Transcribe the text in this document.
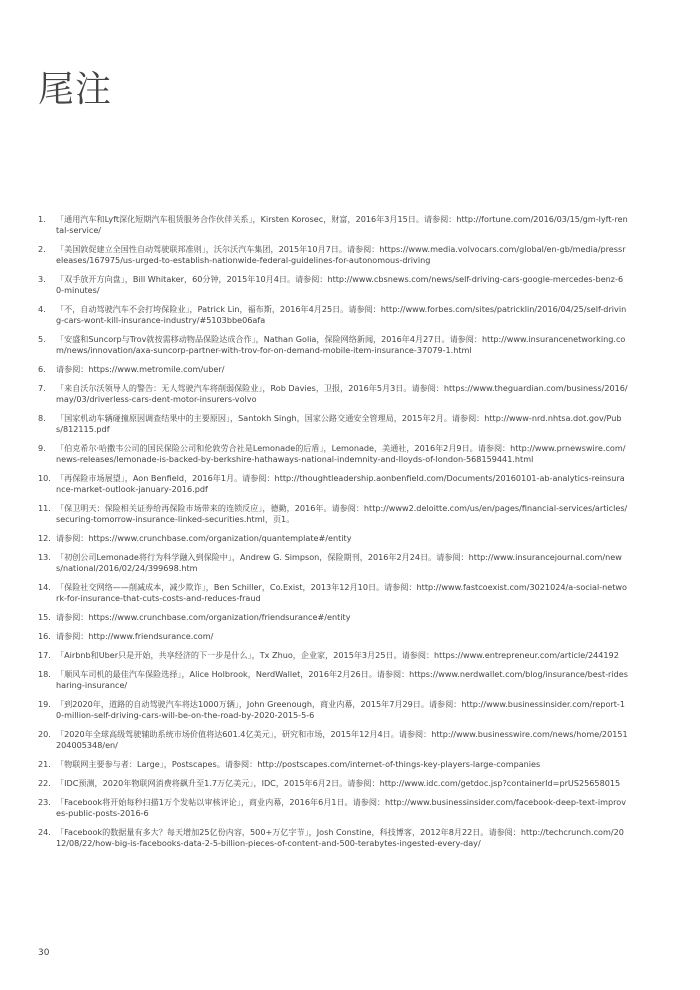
尾注
1.	「通用汽车和Lyft深化短期汽车租赁服务合作伙伴关系」，Kirsten Korosec，财富，2016年3月15日。请参阅：http://fortune.com/2016/03/15/gm-lyft-rental-service/
2.	「美国敦促建立全国性自动驾驶联邦准则」，沃尔沃汽车集团，2015年10月7日。请参阅：https://www.media.volvocars.com/global/en-gb/media/pressreleases/167975/us-urged-to-establish-nationwide-federal-guidelines-for-autonomous-driving
3.	「双手放开方向盘」，Bill Whitaker，60分钟，2015年10月4日。请参阅：http://www.cbsnews.com/news/self-driving-cars-google-mercedes-benz-60-minutes/
4.	「不，自动驾驶汽车不会打垮保险业」，Patrick Lin，福布斯，2016年4月25日。请参阅：http://www.forbes.com/sites/patricklin/2016/04/25/self-driving-cars-wont-kill-insurance-industry/#5103bbe06afa
5.	「安盛和Suncorp与Trov就按需移动物品保险达成合作」，Nathan Golia，保险网络新闻，2016年4月27日。请参阅：http://www.insurancenetworking.com/news/innovation/axa-suncorp-partner-with-trov-for-on-demand-mobile-item-insurance-37079-1.html
6.	请参阅：https://www.metromile.com/uber/
7.	「来自沃尔沃领导人的警告：无人驾驶汽车将削弱保险业」，Rob Davies，卫报，2016年5月3日。请参阅：https://www.theguardian.com/business/2016/may/03/driverless-cars-dent-motor-insurers-volvo
8.	「国家机动车辆碰撞原因调查结果中的主要原因」，Santokh Singh，国家公路交通安全管理局，2015年2月。请参阅：http://www-nrd.nhtsa.dot.gov/Pubs/812115.pdf
9.	「伯克希尔·哈撒韦公司的国民保险公司和伦敦劳合社是Lemonade的后盾」，Lemonade，美通社，2016年2月9日。请参阅：http://www.prnewswire.com/news-releases/lemonade-is-backed-by-berkshire-hathaways-national-indemnity-and-lloyds-of-london-568159441.html
10. 「再保险市场展望」，Aon Benfield，2016年1月。请参阅：http://thoughtleadership.aonbenfield.com/Documents/20160101-ab-analytics-reinsurance-market-outlook-january-2016.pdf
11. 「保卫明天：保险相关证券给再保险市场带来的连锁反应」，德勤，2016年。请参阅：http://www2.deloitte.com/us/en/pages/financial-services/articles/securing-tomorrow-insurance-linked-securities.html，页1。
12. 请参阅：https://www.crunchbase.com/organization/quantemplate#/entity
13. 「初创公司Lemonade将行为科学融入到保险中」，Andrew G. Simpson，保险期刊，2016年2月24日。请参阅：http://www.insurancejournal.com/news/national/2016/02/24/399698.htm
14. 「保险社交网络——削减成本，减少欺诈」，Ben Schiller，Co.Exist，2013年12月10日。请参阅：http://www.fastcoexist.com/3021024/a-social-network-for-insurance-that-cuts-costs-and-reduces-fraud
15. 请参阅：https://www.crunchbase.com/organization/friendsurance#/entity
16. 请参阅：http://www.friendsurance.com/
17. 「Airbnb和Uber只是开始，共享经济的下一步是什么」，Tx Zhuo，企业家，2015年3月25日。请参阅：https://www.entrepreneur.com/article/244192
18. 「顺风车司机的最佳汽车保险选择」，Alice Holbrook，NerdWallet，2016年2月26日。请参阅：https://www.nerdwallet.com/blog/insurance/best-ridesharing-insurance/
19. 「到2020年，道路的自动驾驶汽车将达1000万辆」，John Greenough，商业内幕，2015年7月29日。请参阅：http://www.businessinsider.com/report-10-million-self-driving-cars-will-be-on-the-road-by-2020-2015-5-6
20. 「2020年全球高级驾驶辅助系统市场价值将达601.4亿美元」，研究和市场，2015年12月4日。请参阅：http://www.businesswire.com/news/home/20151204005348/en/
21. 「物联网主要参与者：Large」，Postscapes。请参阅：http://postscapes.com/internet-of-things-key-players-large-companies
22. 「IDC预测，2020年物联网消费将飙升至1.7万亿美元」，IDC，2015年6月2日。请参阅：http://www.idc.com/getdoc.jsp?containerId=prUS25658015
23. 「Facebook将开始每秒扫描1万个发帖以审核评论」，商业内幕，2016年6月1日。请参阅：http://www.businessinsider.com/facebook-deep-text-improves-public-posts-2016-6
24. 「Facebook的数据量有多大？每天增加25亿份内容，500+万亿字节」，Josh Constine，科技博客，2012年8月22日。请参阅：http://techcrunch.com/2012/08/22/how-big-is-facebooks-data-2-5-billion-pieces-of-content-and-500-terabytes-ingested-every-day/
30
